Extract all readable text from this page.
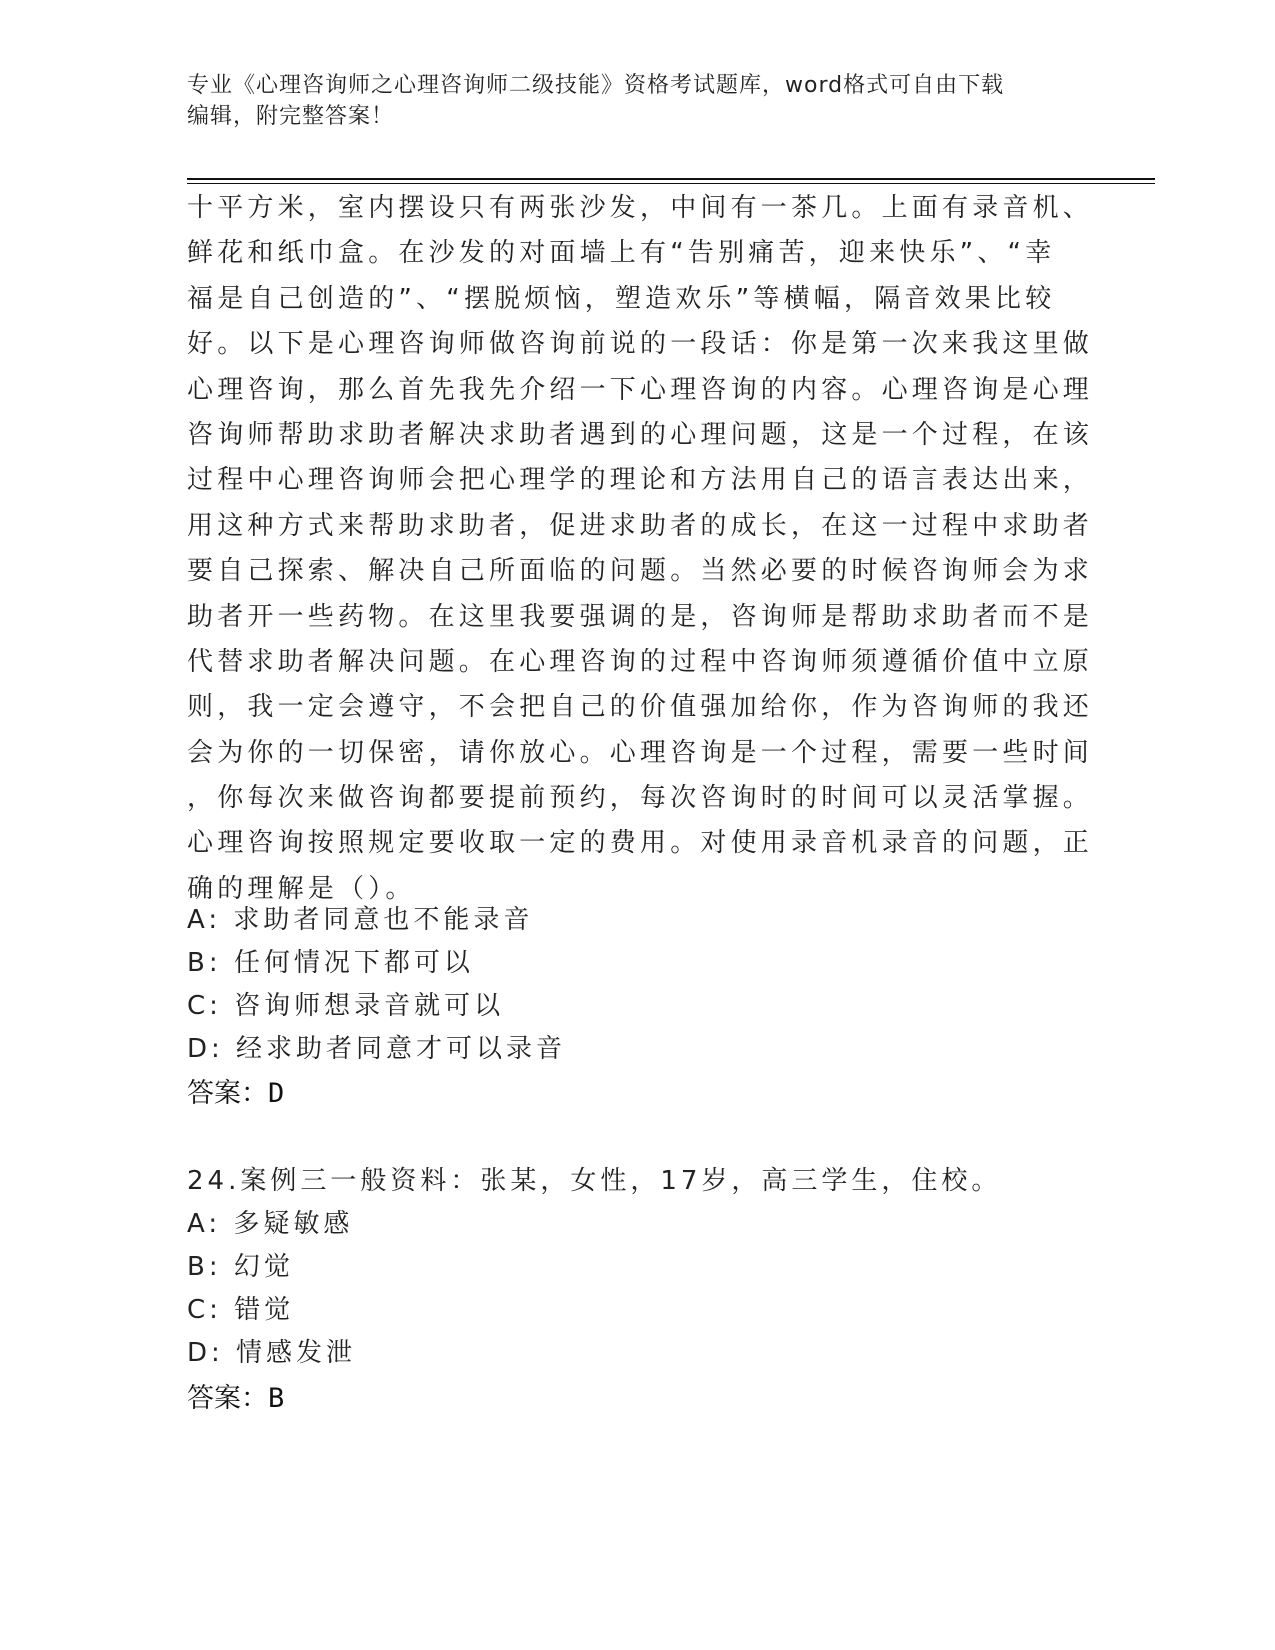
专业《心理咨询师之心理咨询师二级技能》资格考试题库，word格式可自由下载
编辑，附完整答案！
十平方米，室内摆设只有两张沙发，中间有一茶几。上面有录音机、
鲜花和纸巾盒。在沙发的对面墙上有“告别痛苦，迎来快乐”、“幸
福是自己创造的”、“摆脱烦恼，塑造欢乐”等横幅，隔音效果比较
好。以下是心理咨询师做咨询前说的一段话：你是第一次来我这里做
心理咨询，那么首先我先介绍一下心理咨询的内容。心理咨询是心理
咨询师帮助求助者解决求助者遇到的心理问题，这是一个过程，在该
过程中心理咨询师会把心理学的理论和方法用自己的语言表达出来，
用这种方式来帮助求助者，促进求助者的成长，在这一过程中求助者
要自己探索、解决自己所面临的问题。当然必要的时候咨询师会为求
助者开一些药物。在这里我要强调的是，咨询师是帮助求助者而不是
代替求助者解决问题。在心理咨询的过程中咨询师须遵循价值中立原
则，我一定会遵守，不会把自己的价值强加给你，作为咨询师的我还
会为你的一切保密，请你放心。心理咨询是一个过程，需要一些时间
，你每次来做咨询都要提前预约，每次咨询时的时间可以灵活掌握。
心理咨询按照规定要收取一定的费用。对使用录音机录音的问题，正
确的理解是（）。
A: 求助者同意也不能录音
B: 任何情况下都可以
C: 咨询师想录音就可以
D: 经求助者同意才可以录音
答案：D
24.案例三一般资料：张某，女性，17岁，高三学生，住校。
A: 多疑敏感
B: 幻觉
C: 错觉
D: 情感发泄
答案：B
